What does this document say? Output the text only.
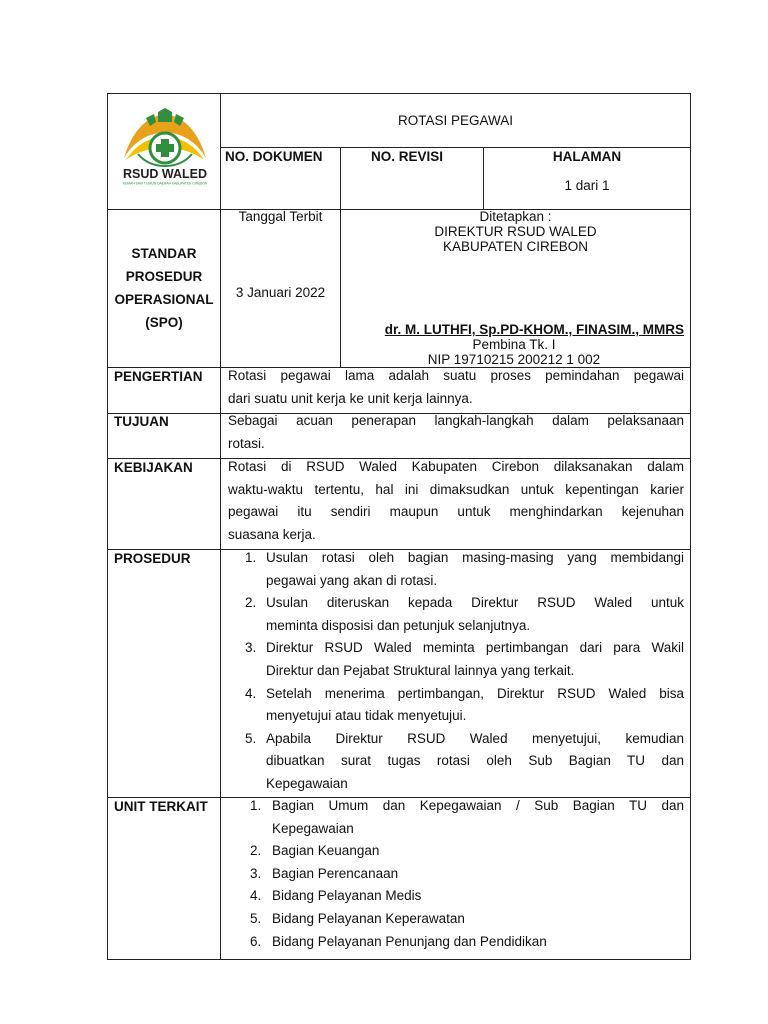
RSUD WALED
RUMAH SAKIT UMUM DAERAH KABUPATEN CIREBON
ROTASI PEGAWAI
NO. DOKUMEN	NO. REVISI	HALAMAN
1 dari 1
STANDAR
PROSEDUR
OPERASIONAL
(SPO)
Tanggal Terbit
3 Januari 2022
Ditetapkan :
DIREKTUR RSUD WALED
KABUPATEN CIREBON
dr. M. LUTHFI, Sp.PD-KHOM., FINASIM., MMRS
Pembina Tk. I
NIP 19710215 200212 1 002
PENGERTIAN Rotasi pegawai lama adalah suatu proses pemindahan pegawai
dari suatu unit kerja ke unit kerja lainnya.
TUJUAN	Sebagai acuan penerapan langkah-langkah dalam pelaksanaan
rotasi.
KEBIJAKAN	Rotasi di RSUD Waled Kabupaten Cirebon dilaksanakan dalam
waktu-waktu tertentu, hal ini dimaksudkan untuk kepentingan karier
pegawai itu sendiri maupun untuk menghindarkan kejenuhan
suasana kerja.
PROSEDUR	1. Usulan rotasi oleh bagian masing-masing yang membidangi
pegawai yang akan di rotasi.
2. Usulan diteruskan kepada Direktur RSUD Waled untuk
meminta disposisi dan petunjuk selanjutnya.
3. Direktur RSUD Waled meminta pertimbangan dari para Wakil
Direktur dan Pejabat Struktural lainnya yang terkait.
4. Setelah menerima pertimbangan, Direktur RSUD Waled bisa
menyetujui atau tidak menyetujui.
5. Apabila Direktur RSUD Waled menyetujui, kemudian
dibuatkan surat tugas rotasi oleh Sub Bagian TU dan
Kepegawaian
UNIT TERKAIT	1. Bagian Umum dan Kepegawaian / Sub Bagian TU dan
Kepegawaian
2. Bagian Keuangan
3. Bagian Perencanaan
4. Bidang Pelayanan Medis
5. Bidang Pelayanan Keperawatan
6. Bidang Pelayanan Penunjang dan Pendidikan
